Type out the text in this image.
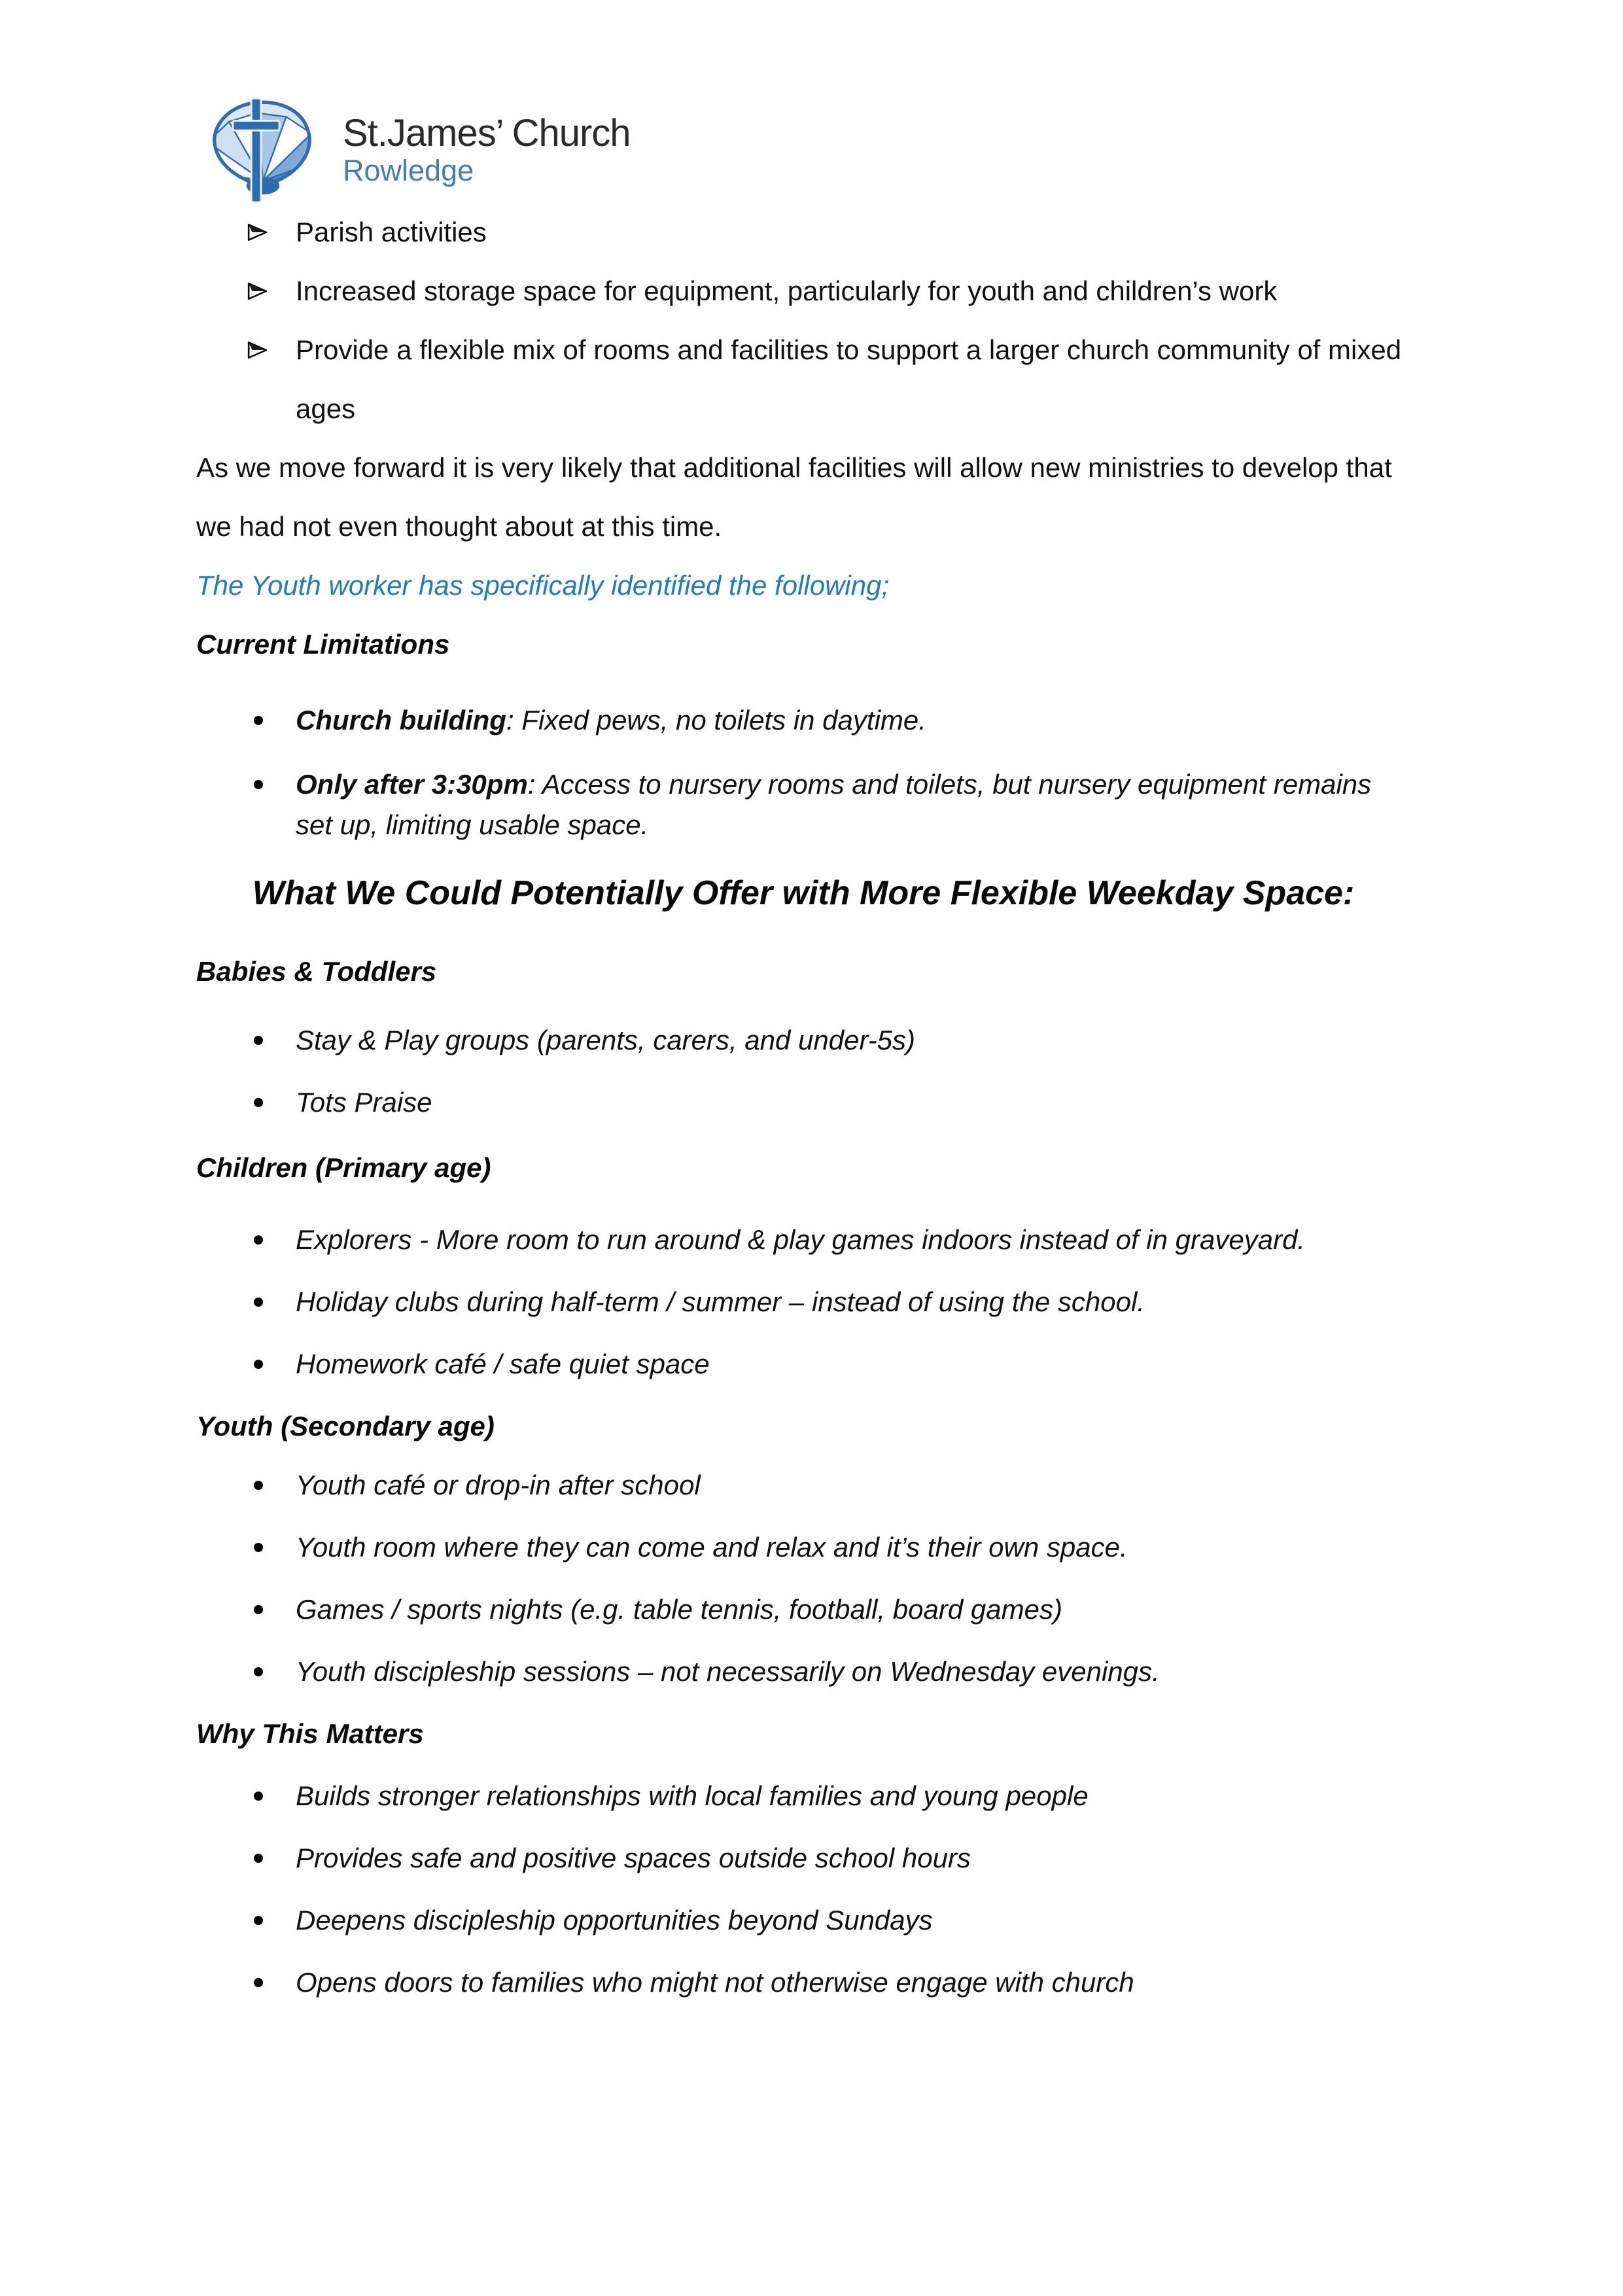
St.James’ Church
Rowledge
Parish activities
Increased storage space for equipment, particularly for youth and children’s work
Provide a flexible mix of rooms and facilities to support a larger church community of mixed ages
As we move forward it is very likely that additional facilities will allow new ministries to develop that we had not even thought about at this time.
The Youth worker has specifically identified the following;
Current Limitations
Church building: Fixed pews, no toilets in daytime.
Only after 3:30pm: Access to nursery rooms and toilets, but nursery equipment remains set up, limiting usable space.
What We Could Potentially Offer with More Flexible Weekday Space:
Babies & Toddlers
Stay & Play groups (parents, carers, and under-5s)
Tots Praise
Children (Primary age)
Explorers - More room to run around & play games indoors instead of in graveyard.
Holiday clubs during half-term / summer – instead of using the school.
Homework café / safe quiet space
Youth (Secondary age)
Youth café or drop-in after school
Youth room where they can come and relax and it’s their own space.
Games / sports nights (e.g. table tennis, football, board games)
Youth discipleship sessions – not necessarily on Wednesday evenings.
Why This Matters
Builds stronger relationships with local families and young people
Provides safe and positive spaces outside school hours
Deepens discipleship opportunities beyond Sundays
Opens doors to families who might not otherwise engage with church
